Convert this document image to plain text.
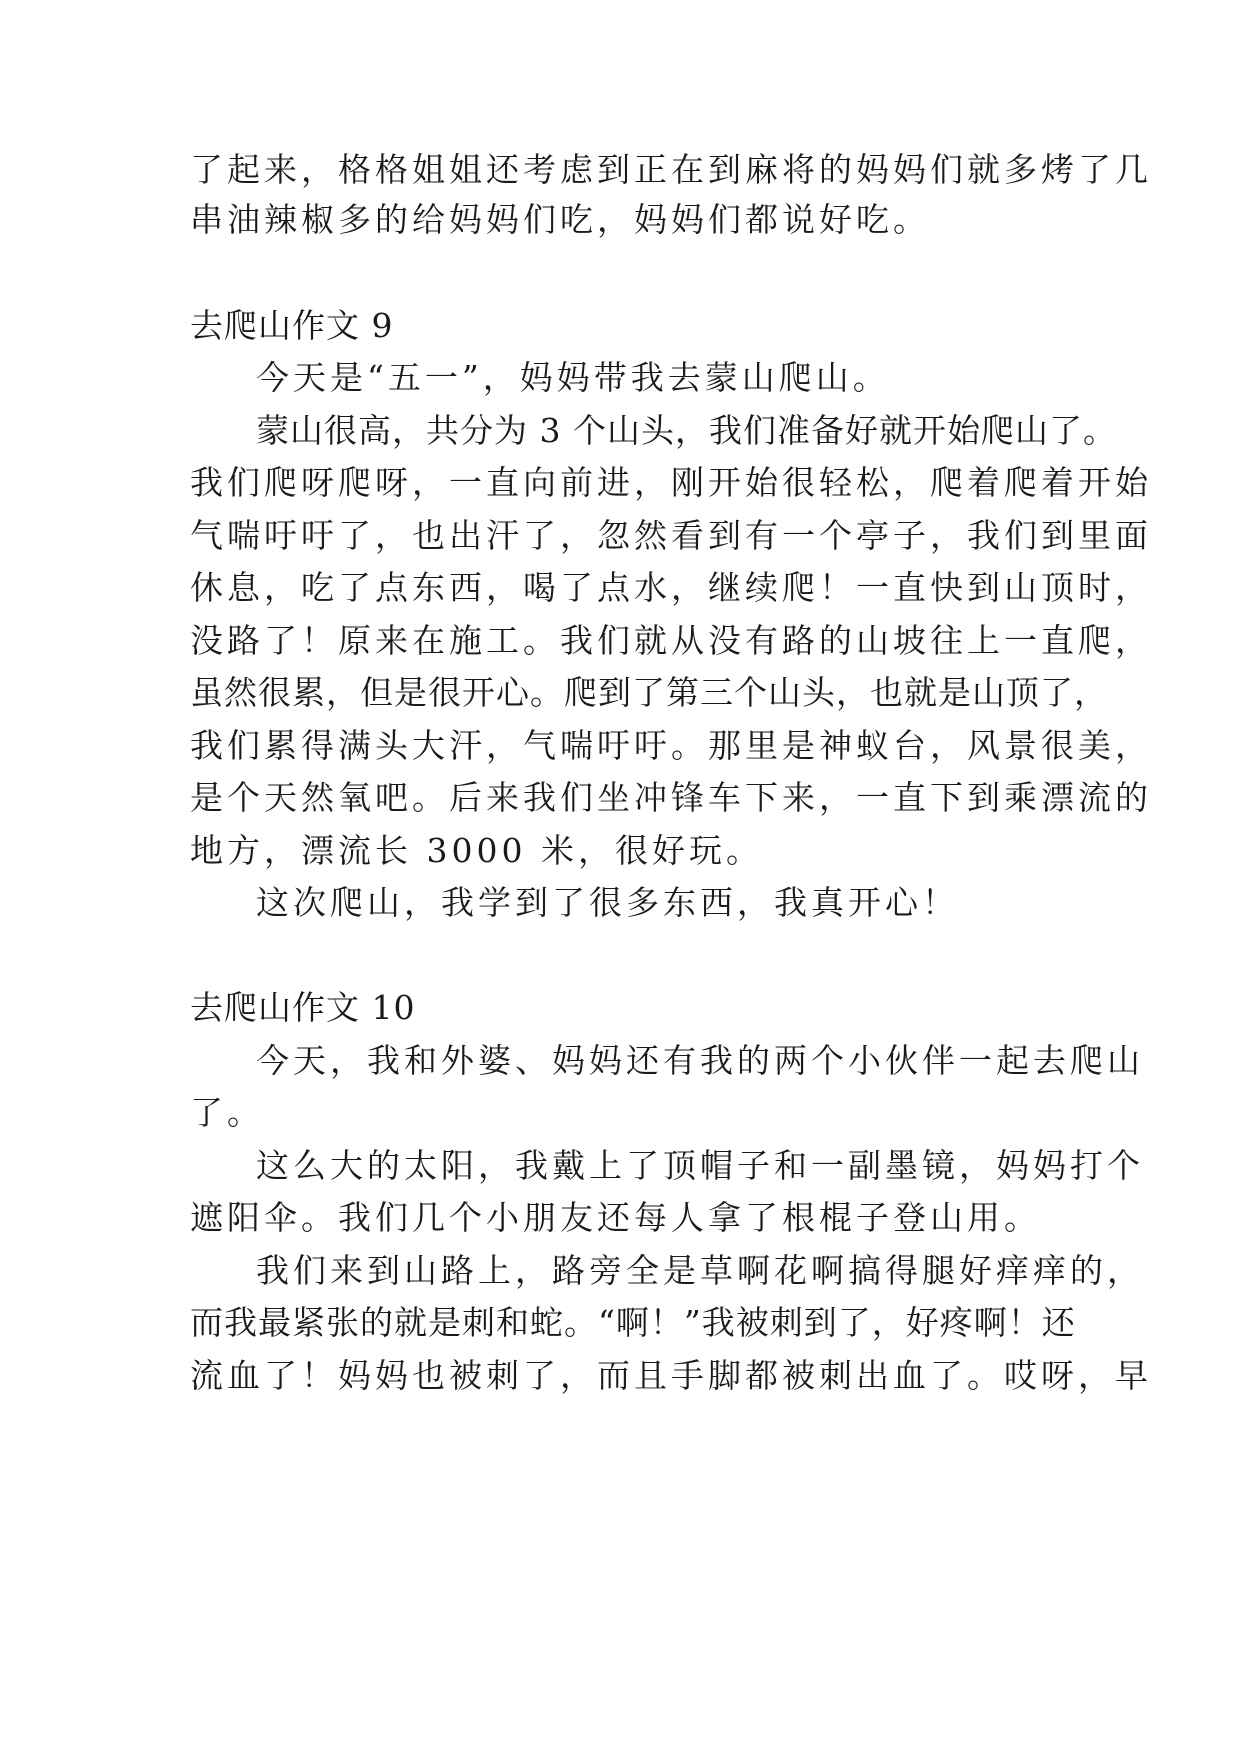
了起来，格格姐姐还考虑到正在到麻将的妈妈们就多烤了几
串油辣椒多的给妈妈们吃，妈妈们都说好吃。
去爬山作文 9
今天是“五一”，妈妈带我去蒙山爬山。
蒙山很高，共分为 3 个山头，我们准备好就开始爬山了。
我们爬呀爬呀，一直向前进，刚开始很轻松，爬着爬着开始
气喘吁吁了，也出汗了，忽然看到有一个亭子，我们到里面
休息，吃了点东西，喝了点水，继续爬！一直快到山顶时，
没路了！原来在施工。我们就从没有路的山坡往上一直爬，
虽然很累，但是很开心。爬到了第三个山头，也就是山顶了，
我们累得满头大汗，气喘吁吁。那里是神蚁台，风景很美，
是个天然氧吧。后来我们坐冲锋车下来，一直下到乘漂流的
地方，漂流长 3000 米，很好玩。
这次爬山，我学到了很多东西，我真开心！
去爬山作文 10
今天，我和外婆、妈妈还有我的两个小伙伴一起去爬山
了。
这么大的太阳，我戴上了顶帽子和一副墨镜，妈妈打个
遮阳伞。我们几个小朋友还每人拿了根棍子登山用。
我们来到山路上，路旁全是草啊花啊搞得腿好痒痒的，
而我最紧张的就是刺和蛇。“啊！”我被刺到了，好疼啊！还
流血了！妈妈也被刺了，而且手脚都被刺出血了。哎呀，早
